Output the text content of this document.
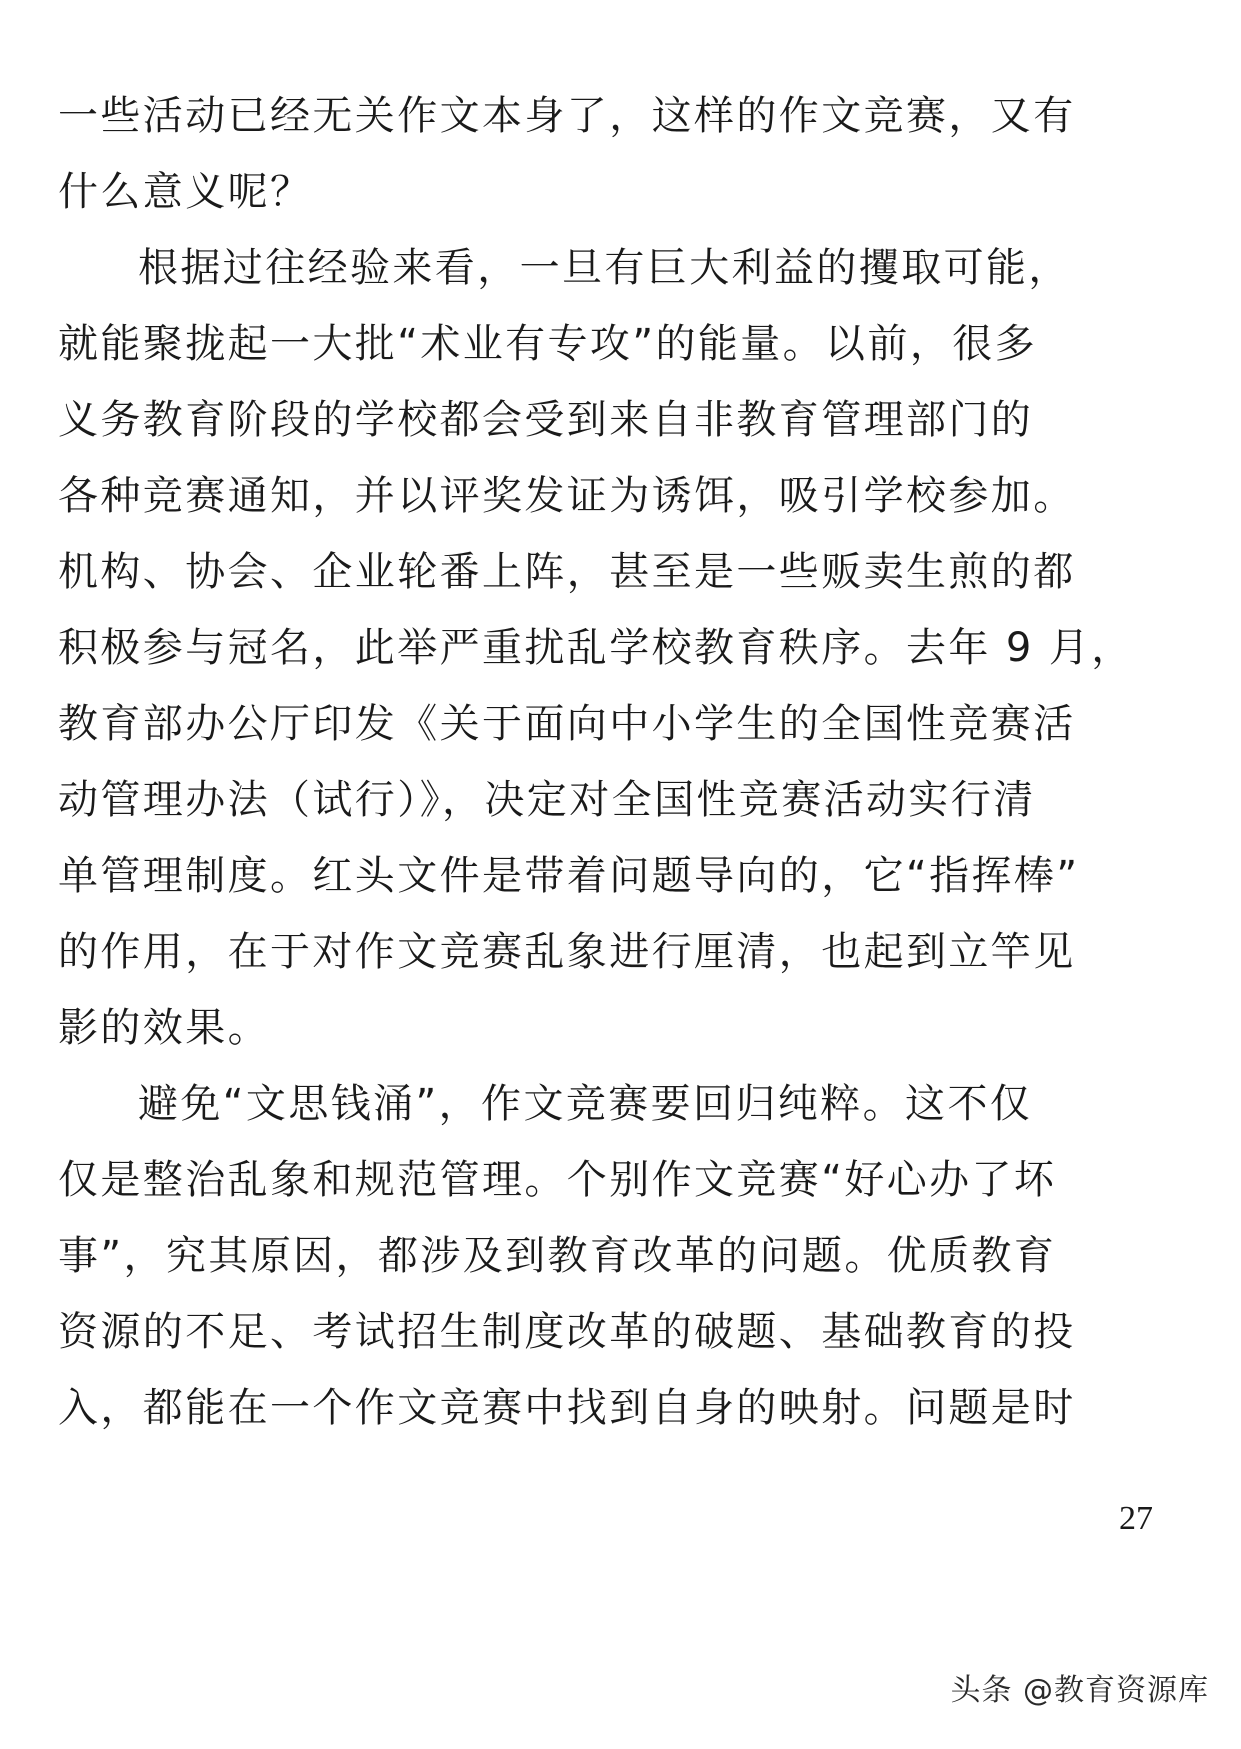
一些活动已经无关作文本身了，这样的作文竞赛，又有
什么意义呢？
根据过往经验来看，一旦有巨大利益的攫取可能，
就能聚拢起一大批“术业有专攻”的能量。以前，很多
义务教育阶段的学校都会受到来自非教育管理部门的
各种竞赛通知，并以评奖发证为诱饵，吸引学校参加。
机构、协会、企业轮番上阵，甚至是一些贩卖生煎的都
积极参与冠名，此举严重扰乱学校教育秩序。去年 9 月，
教育部办公厅印发《关于面向中小学生的全国性竞赛活
动管理办法（试行）》，决定对全国性竞赛活动实行清
单管理制度。红头文件是带着问题导向的，它“指挥棒”
的作用，在于对作文竞赛乱象进行厘清，也起到立竿见
影的效果。
避免“文思钱涌”，作文竞赛要回归纯粹。这不仅
仅是整治乱象和规范管理。个别作文竞赛“好心办了坏
事”，究其原因，都涉及到教育改革的问题。优质教育
资源的不足、考试招生制度改革的破题、基础教育的投
入，都能在一个作文竞赛中找到自身的映射。问题是时
27
头条 @教育资源库
